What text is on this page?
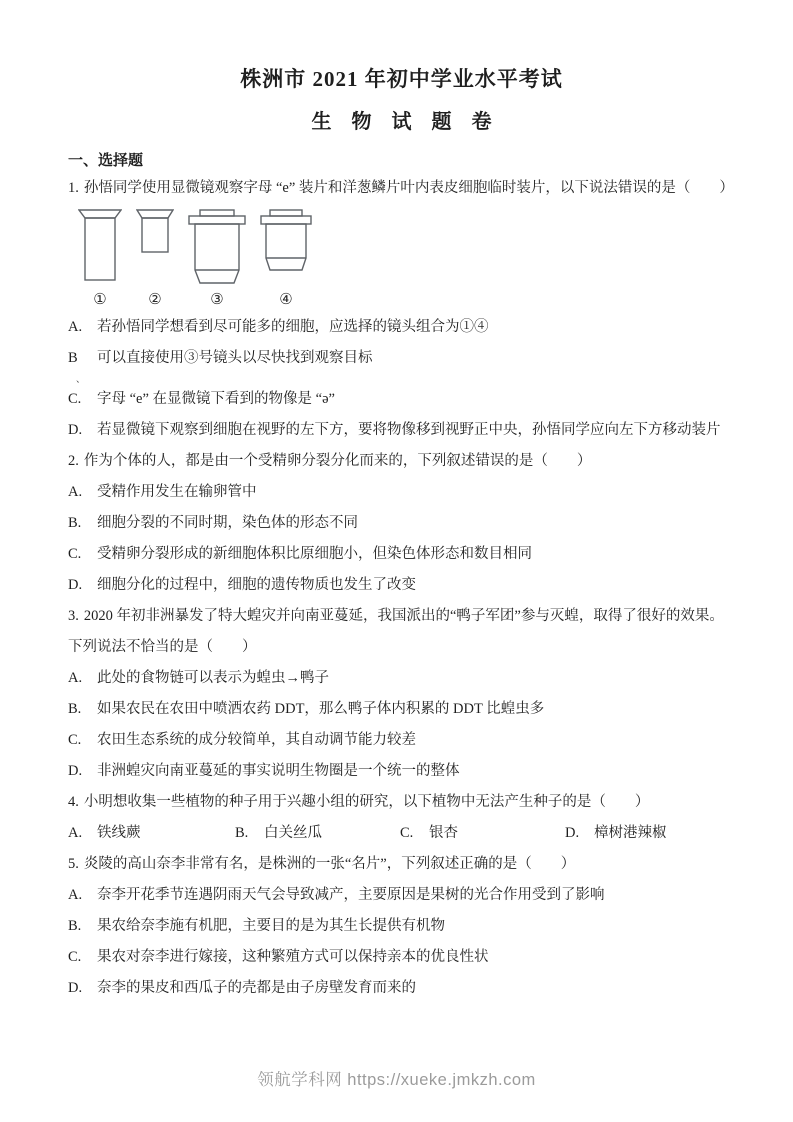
株洲市 2021 年初中学业水平考试
生　物　试　题　卷
一、选择题

1. 孙悟同学使用显微镜观察字母 “e” 装片和洋葱鳞片叶内表皮细胞临时装片，以下说法错误的是（　　）

①	②	③	④

A.	若孙悟同学想看到尽可能多的细胞，应选择的镜头组合为①④

B	可以直接使用③号镜头以尽快找到观察目标

、

C.	字母 “e” 在显微镜下看到的物像是 “ə”

D.	若显微镜下观察到细胞在视野的左下方，要将物像移到视野正中央，孙悟同学应向左下方移动装片

2. 作为个体的人，都是由一个受精卵分裂分化而来的，下列叙述错误的是（　　）

A.	受精作用发生在输卵管中

B.	细胞分裂的不同时期，染色体的形态不同

C.	受精卵分裂形成的新细胞体积比原细胞小，但染色体形态和数目相同

D.	细胞分化的过程中，细胞的遗传物质也发生了改变

3. 2020 年初非洲暴发了特大蝗灾并向南亚蔓延，我国派出的“鸭子军团”参与灭蝗，取得了很好的效果。下列说法不恰当的是（　　）

A.	此处的食物链可以表示为蝗虫→鸭子

B.	如果农民在农田中喷洒农药 DDT，那么鸭子体内积累的 DDT 比蝗虫多

C.	农田生态系统的成分较简单，其自动调节能力较差

D.	非洲蝗灾向南亚蔓延的事实说明生物圈是一个统一的整体

4. 小明想收集一些植物的种子用于兴趣小组的研究，以下植物中无法产生种子的是（　　）

A.	铁线蕨	B.	白关丝瓜	C.	银杏	D.	樟树港辣椒

5. 炎陵的高山奈李非常有名，是株洲的一张“名片”，下列叙述正确的是（　　）

A.	奈李开花季节连遇阴雨天气会导致减产，主要原因是果树的光合作用受到了影响

B.	果农给奈李施有机肥，主要目的是为其生长提供有机物

C.	果农对奈李进行嫁接，这种繁殖方式可以保持亲本的优良性状

D.	奈李的果皮和西瓜子的壳都是由子房壁发育而来的

领航学科网 https://xueke.jmkzh.com
